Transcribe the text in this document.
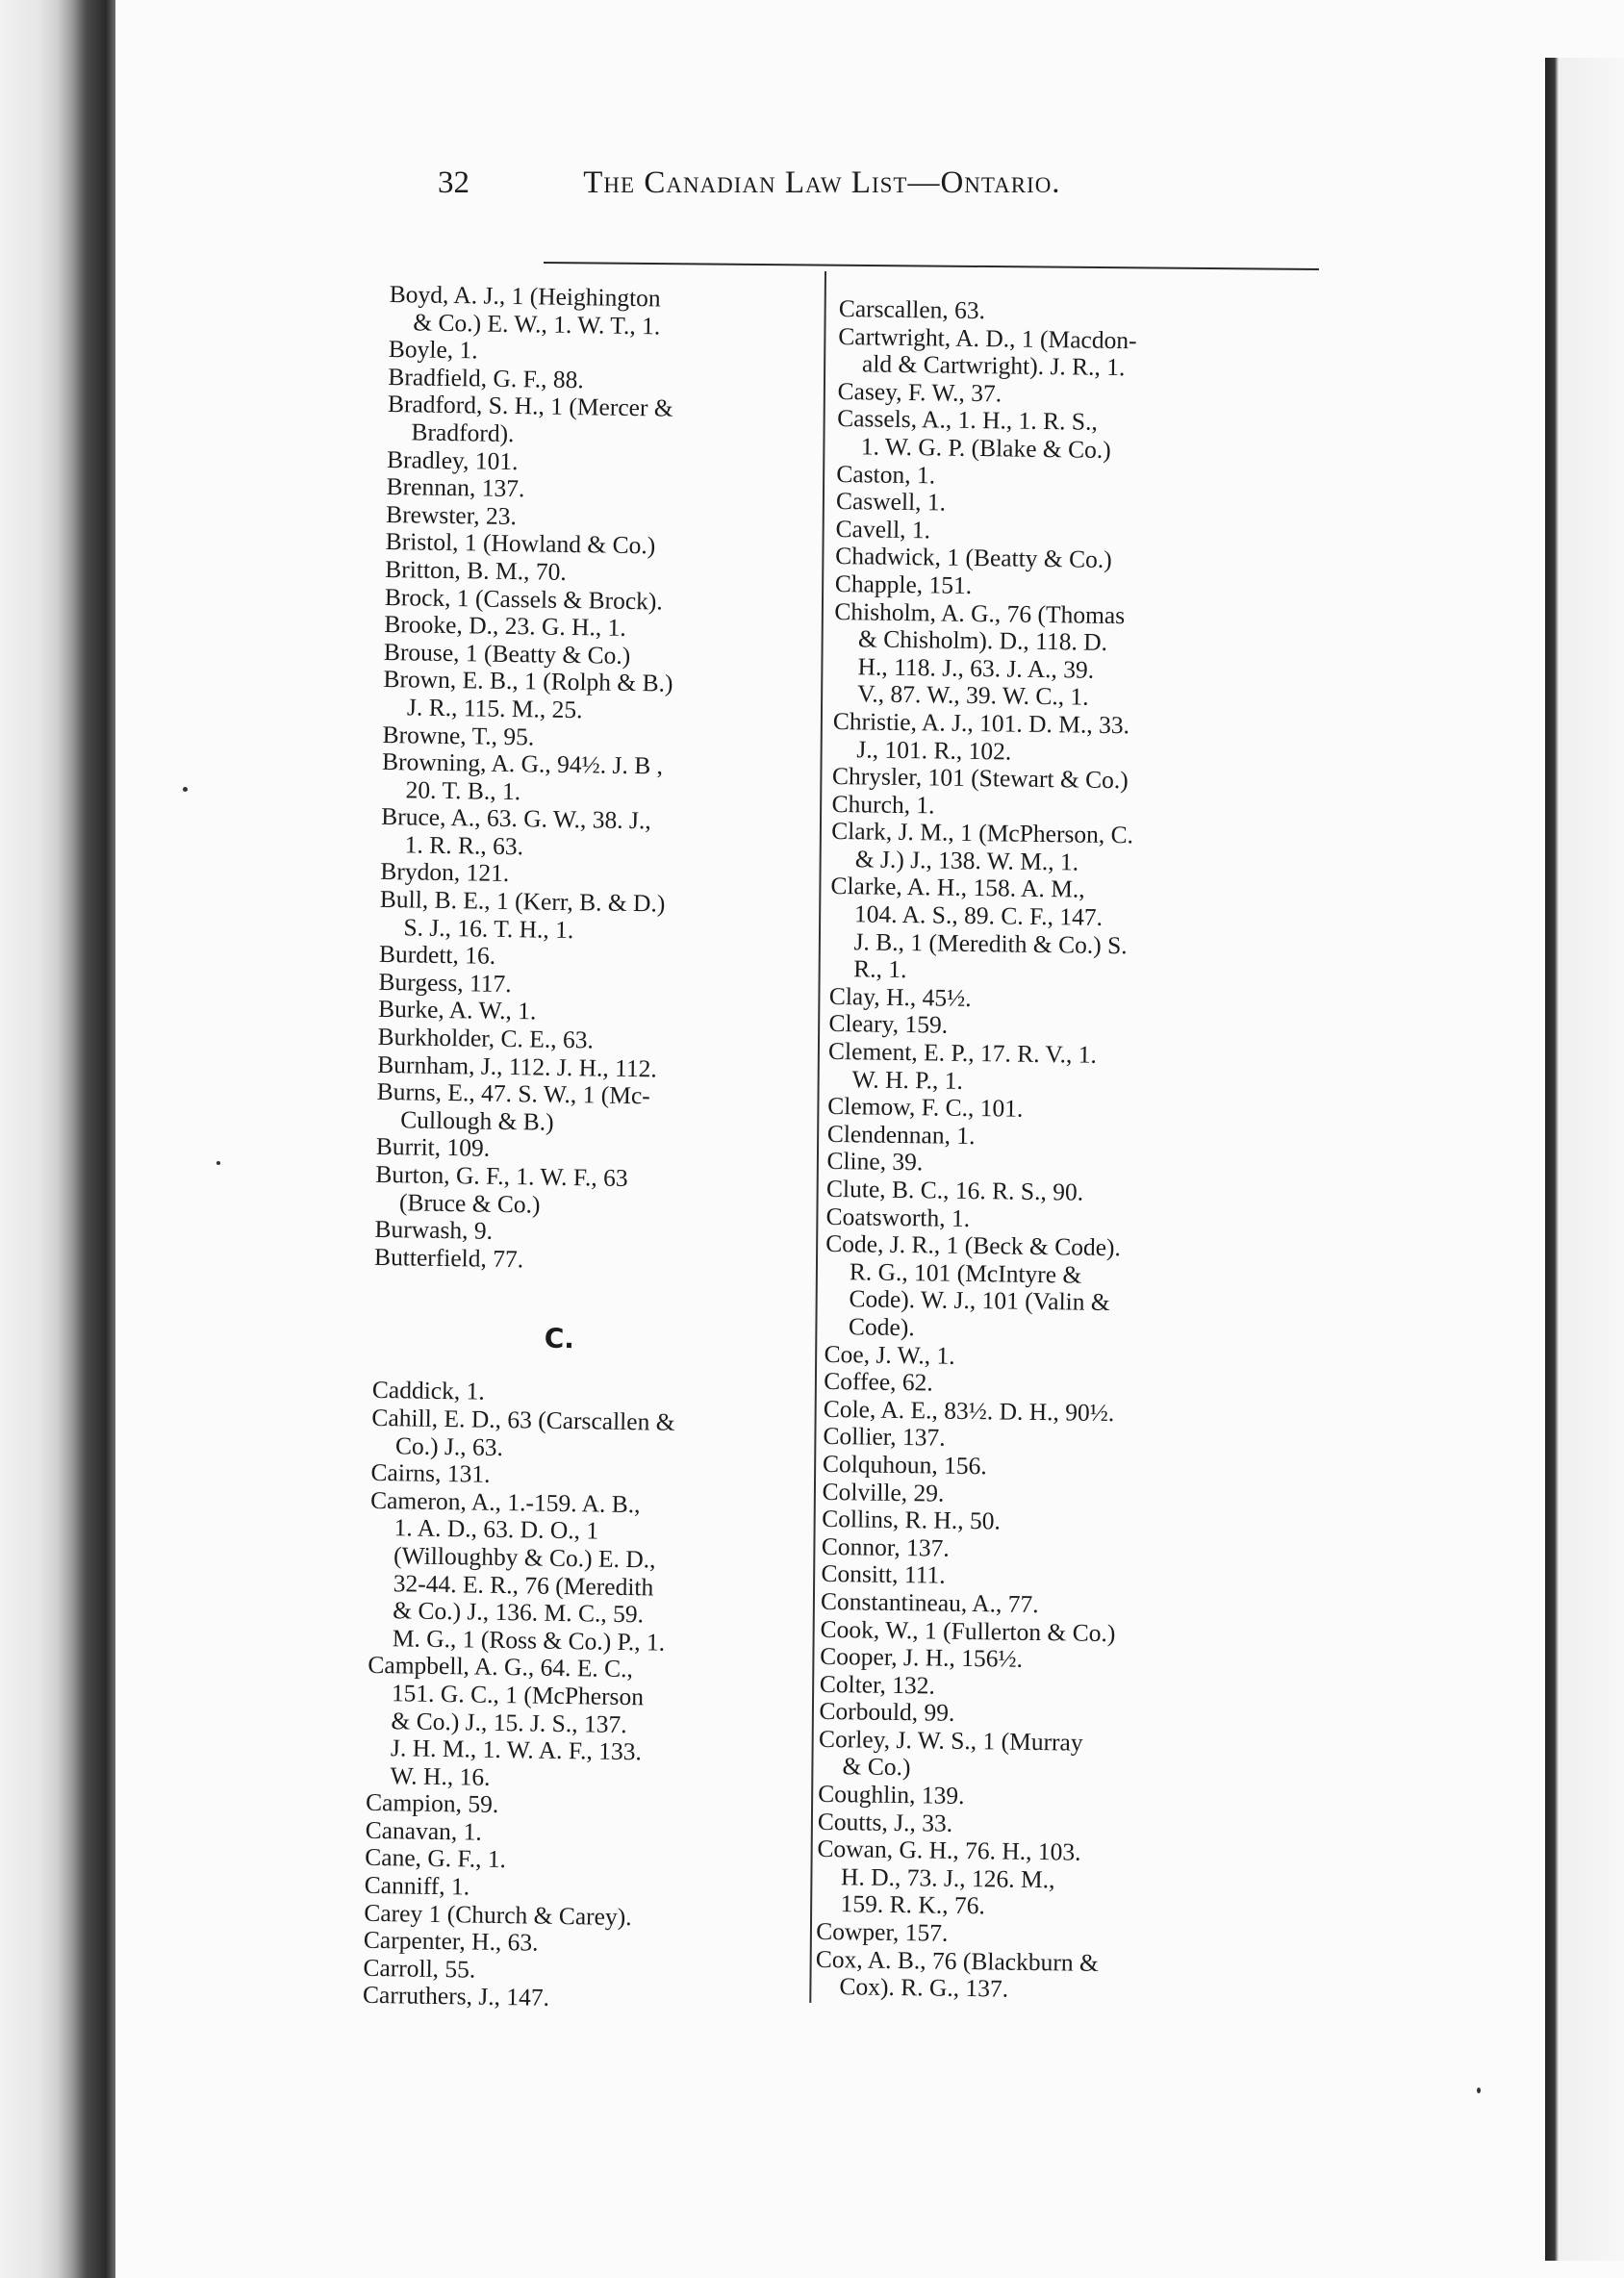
32	The Canadian Law List—Ontario.
Boyd, A. J., 1 (Heighington
& Co.) E. W., 1. W. T., 1.
Boyle, 1.
Bradfield, G. F., 88.
Bradford, S. H., 1 (Mercer &
Bradford).
Bradley, 101.
Brennan, 137.
Brewster, 23.
Bristol, 1 (Howland & Co.)
Britton, B. M., 70.
Brock, 1 (Cassels & Brock).
Brooke, D., 23. G. H., 1.
Brouse, 1 (Beatty & Co.)
Brown, E. B., 1 (Rolph & B.)
J. R., 115. M., 25.
Browne, T., 95.
Browning, A. G., 94½. J. B ,
20. T. B., 1.
Bruce, A., 63. G. W., 38. J.,
1. R. R., 63.
Brydon, 121.
Bull, B. E., 1 (Kerr, B. & D.)
S. J., 16. T. H., 1.
Burdett, 16.
Burgess, 117.
Burke, A. W., 1.
Burkholder, C. E., 63.
Burnham, J., 112. J. H., 112.
Burns, E., 47. S. W., 1 (Mc-
Cullough & B.)
Burrit, 109.
Burton, G. F., 1. W. F., 63
(Bruce & Co.)
Burwash, 9.
Butterfield, 77.
C.
Caddick, 1.
Cahill, E. D., 63 (Carscallen &
Co.) J., 63.
Cairns, 131.
Cameron, A., 1.-159. A. B.,
1. A. D., 63. D. O., 1
(Willoughby & Co.) E. D.,
32-44. E. R., 76 (Meredith
& Co.) J., 136. M. C., 59.
M. G., 1 (Ross & Co.) P., 1.
Campbell, A. G., 64. E. C.,
151. G. C., 1 (McPherson
& Co.) J., 15. J. S., 137.
J. H. M., 1. W. A. F., 133.
W. H., 16.
Campion, 59.
Canavan, 1.
Cane, G. F., 1.
Canniff, 1.
Carey 1 (Church & Carey).
Carpenter, H., 63.
Carroll, 55.
Carruthers, J., 147.
Carscallen, 63.
Cartwright, A. D., 1 (Macdon-
ald & Cartwright). J. R., 1.
Casey, F. W., 37.
Cassels, A., 1. H., 1. R. S.,
1. W. G. P. (Blake & Co.)
Caston, 1.
Caswell, 1.
Cavell, 1.
Chadwick, 1 (Beatty & Co.)
Chapple, 151.
Chisholm, A. G., 76 (Thomas
& Chisholm). D., 118. D.
H., 118. J., 63. J. A., 39.
V., 87. W., 39. W. C., 1.
Christie, A. J., 101. D. M., 33.
J., 101. R., 102.
Chrysler, 101 (Stewart & Co.)
Church, 1.
Clark, J. M., 1 (McPherson, C.
& J.) J., 138. W. M., 1.
Clarke, A. H., 158. A. M.,
104. A. S., 89. C. F., 147.
J. B., 1 (Meredith & Co.) S.
R., 1.
Clay, H., 45½.
Cleary, 159.
Clement, E. P., 17. R. V., 1.
W. H. P., 1.
Clemow, F. C., 101.
Clendennan, 1.
Cline, 39.
Clute, B. C., 16. R. S., 90.
Coatsworth, 1.
Code, J. R., 1 (Beck & Code).
R. G., 101 (McIntyre &
Code). W. J., 101 (Valin &
Code).
Coe, J. W., 1.
Coffee, 62.
Cole, A. E., 83½. D. H., 90½.
Collier, 137.
Colquhoun, 156.
Colville, 29.
Collins, R. H., 50.
Connor, 137.
Consitt, 111.
Constantineau, A., 77.
Cook, W., 1 (Fullerton & Co.)
Cooper, J. H., 156½.
Colter, 132.
Corbould, 99.
Corley, J. W. S., 1 (Murray
& Co.)
Coughlin, 139.
Coutts, J., 33.
Cowan, G. H., 76. H., 103.
H. D., 73. J., 126. M.,
159. R. K., 76.
Cowper, 157.
Cox, A. B., 76 (Blackburn &
Cox). R. G., 137.
